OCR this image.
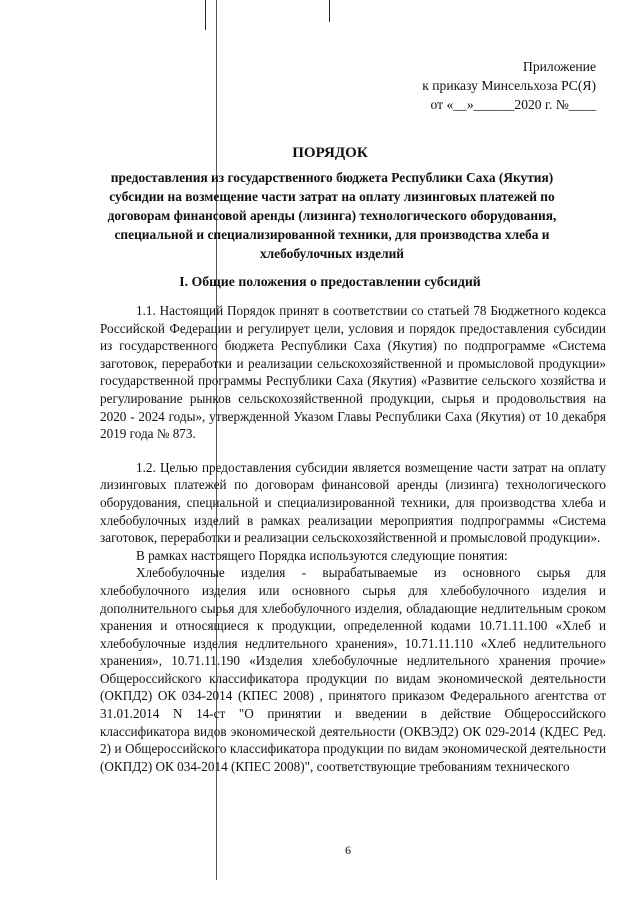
Приложение
к приказу Минсельхоза РС(Я)
от «__»______2020 г. №____
ПОРЯДОК
предоставления из государственного бюджета Республики Саха (Якутия) субсидии на возмещение части затрат на оплату лизинговых платежей по договорам финансовой аренды (лизинга) технологического оборудования, специальной и специализированной техники, для производства хлеба и хлебобулочных изделий
I. Общие положения о предоставлении субсидий

1.1. Настоящий Порядок принят в соответствии со статьей 78 Бюджетного кодекса Российской Федерации и регулирует цели, условия и порядок предоставления субсидии из государственного бюджета Республики Саха (Якутия) по подпрограмме «Система заготовок, переработки и реализации сельскохозяйственной и промысловой продукции» государственной программы Республики Саха (Якутия) «Развитие сельского хозяйства и регулирование рынков сельскохозяйственной продукции, сырья и продовольствия на 2020 - 2024 годы», утвержденной Указом Главы Республики Саха (Якутия) от 10 декабря 2019 года № 873.

1.2. Целью предоставления субсидии является возмещение части затрат на оплату лизинговых платежей по договорам финансовой аренды (лизинга) технологического оборудования, специальной и специализированной техники, для производства хлеба и хлебобулочных изделий в рамках реализации мероприятия подпрограммы «Система заготовок, переработки и реализации сельскохозяйственной и промысловой продукции».

В рамках настоящего Порядка используются следующие понятия:

Хлебобулочные изделия - вырабатываемые из основного сырья для хлебобулочного изделия или основного сырья для хлебобулочного изделия и дополнительного сырья для хлебобулочного изделия, обладающие недлительным сроком хранения и относящиеся к продукции, определенной кодами 10.71.11.100 «Хлеб и хлебобулочные изделия недлительного хранения», 10.71.11.110 «Хлеб недлительного хранения», 10.71.11.190 «Изделия хлебобулочные недлительного хранения прочие» Общероссийского классификатора продукции по видам экономической деятельности (ОКПД2) ОК 034-2014 (КПЕС 2008) , принятого приказом Федерального агентства от 31.01.2014 N 14-ст "О принятии и введении в действие Общероссийского классификатора видов экономической деятельности (ОКВЭД2) ОК 029-2014 (КДЕС Ред. 2) и Общероссийского классификатора продукции по видам экономической деятельности (ОКПД2) ОК 034-2014 (КПЕС 2008)", соответствующие требованиям технического

6
